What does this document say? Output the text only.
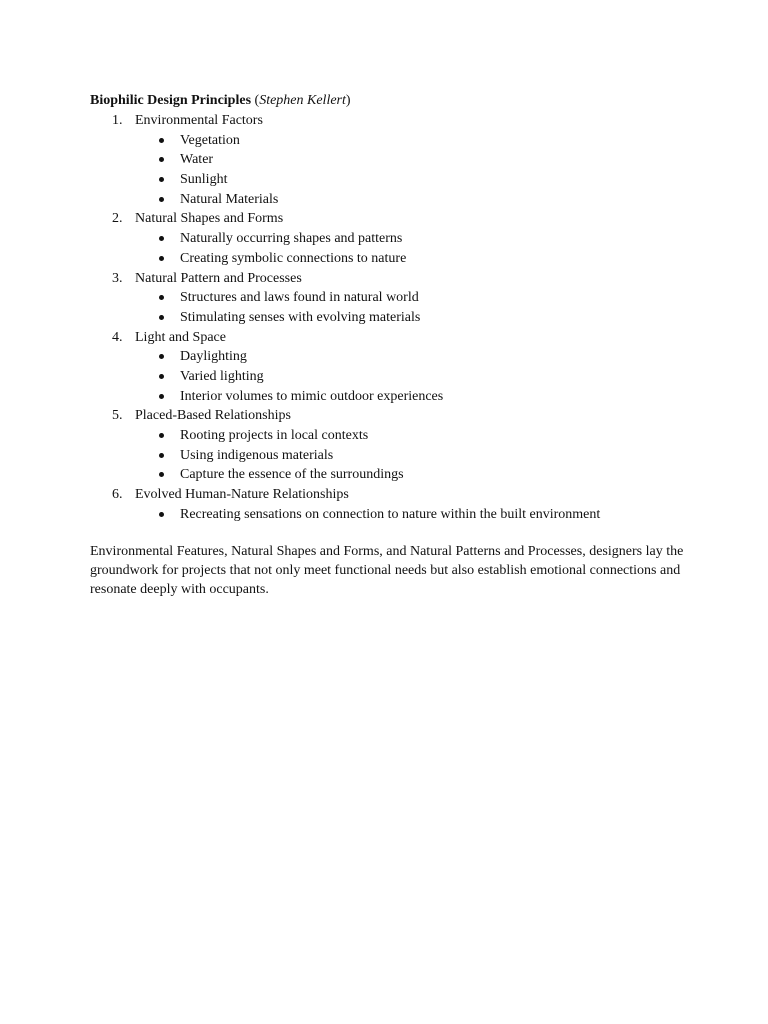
Biophilic Design Principles (Stephen Kellert)
1. Environmental Factors
Vegetation
Water
Sunlight
Natural Materials
2. Natural Shapes and Forms
Naturally occurring shapes and patterns
Creating symbolic connections to nature
3. Natural Pattern and Processes
Structures and laws found in natural world
Stimulating senses with evolving materials
4. Light and Space
Daylighting
Varied lighting
Interior volumes to mimic outdoor experiences
5. Placed-Based Relationships
Rooting projects in local contexts
Using indigenous materials
Capture the essence of the surroundings
6. Evolved Human-Nature Relationships
Recreating sensations on connection to nature within the built environment

Environmental Features, Natural Shapes and Forms, and Natural Patterns and Processes, designers lay the groundwork for projects that not only meet functional needs but also establish emotional connections and resonate deeply with occupants.
